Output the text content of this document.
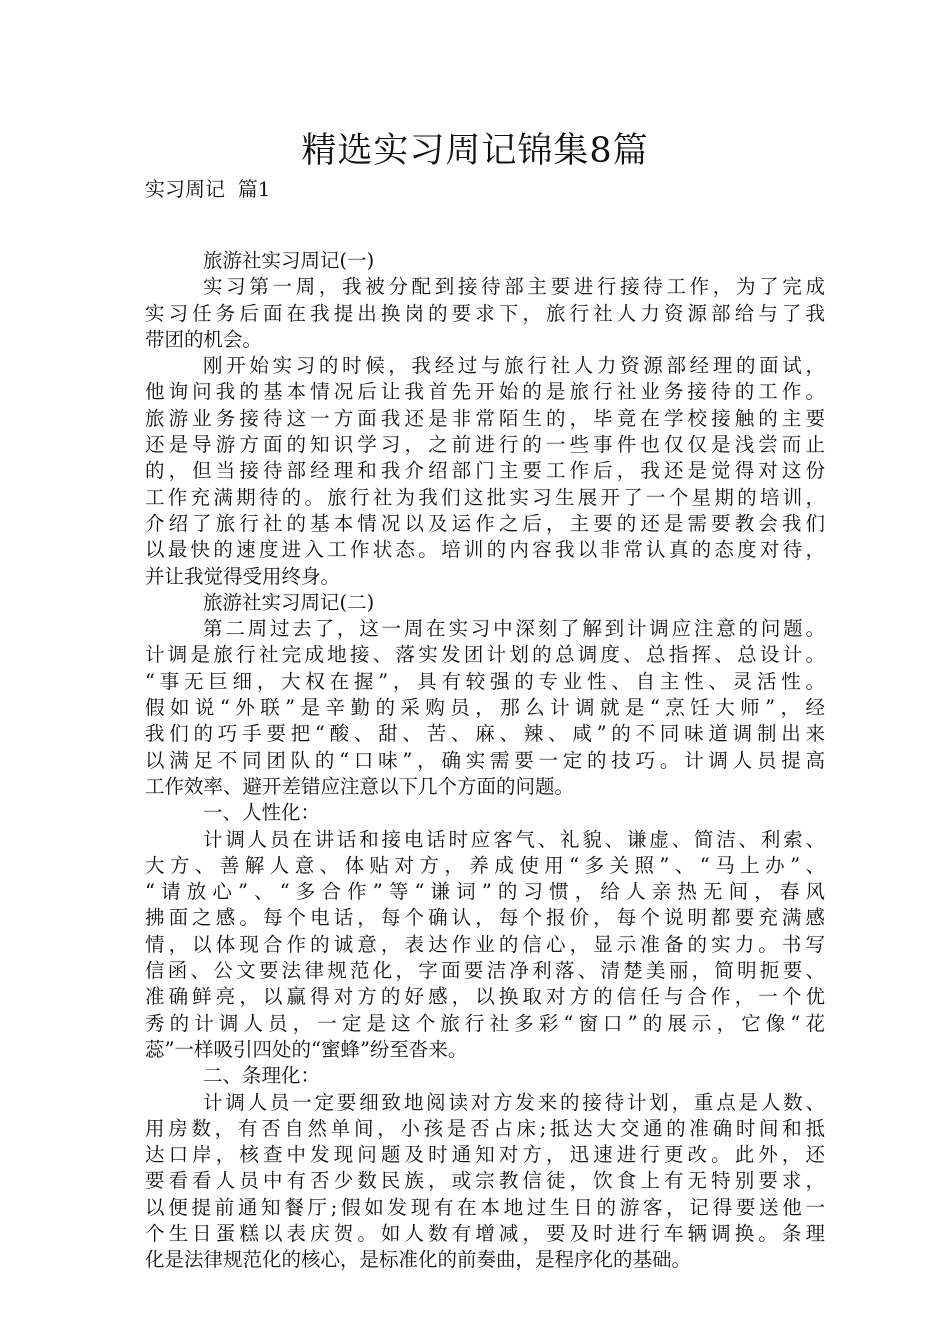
精选实习周记锦集8篇

实习周记  篇1

旅游社实习周记(一)
实习第一周，我被分配到接待部主要进行接待工作，为了完成
实习任务后面在我提出换岗的要求下，旅行社人力资源部给与了我
带团的机会。
刚开始实习的时候，我经过与旅行社人力资源部经理的面试，
他询问我的基本情况后让我首先开始的是旅行社业务接待的工作。
旅游业务接待这一方面我还是非常陌生的，毕竟在学校接触的主要
还是导游方面的知识学习，之前进行的一些事件也仅仅是浅尝而止
的，但当接待部经理和我介绍部门主要工作后，我还是觉得对这份
工作充满期待的。旅行社为我们这批实习生展开了一个星期的培训，
介绍了旅行社的基本情况以及运作之后，主要的还是需要教会我们
以最快的速度进入工作状态。培训的内容我以非常认真的态度对待，
并让我觉得受用终身。
旅游社实习周记(二)
第二周过去了，这一周在实习中深刻了解到计调应注意的问题。
计调是旅行社完成地接、落实发团计划的总调度、总指挥、总设计。
“事无巨细，大权在握”，具有较强的专业性、自主性、灵活性。
假如说“外联”是辛勤的采购员，那么计调就是“烹饪大师”，经
我们的巧手要把“酸、甜、苦、麻、辣、咸”的不同味道调制出来
以满足不同团队的“口味”，确实需要一定的技巧。计调人员提高
工作效率、避开差错应注意以下几个方面的问题。
一、人性化：
计调人员在讲话和接电话时应客气、礼貌、谦虚、简洁、利索、
大方、善解人意、体贴对方，养成使用“多关照”、“马上办”、
“请放心”、“多合作”等“谦词”的习惯，给人亲热无间，春风
拂面之感。每个电话，每个确认，每个报价，每个说明都要充满感
情，以体现合作的诚意，表达作业的信心，显示准备的实力。书写
信函、公文要法律规范化，字面要洁净利落、清楚美丽，简明扼要、
准确鲜亮，以赢得对方的好感，以换取对方的信任与合作，一个优
秀的计调人员，一定是这个旅行社多彩“窗口”的展示，它像“花
蕊”一样吸引四处的“蜜蜂”纷至沓来。
二、条理化：
计调人员一定要细致地阅读对方发来的接待计划，重点是人数、
用房数，有否自然单间，小孩是否占床;抵达大交通的准确时间和抵
达口岸，核查中发现问题及时通知对方，迅速进行更改。此外，还
要看看人员中有否少数民族，或宗教信徒，饮食上有无特别要求，
以便提前通知餐厅;假如发现有在本地过生日的游客，记得要送他一
个生日蛋糕以表庆贺。如人数有增减，要及时进行车辆调换。条理
化是法律规范化的核心，是标准化的前奏曲，是程序化的基础。
